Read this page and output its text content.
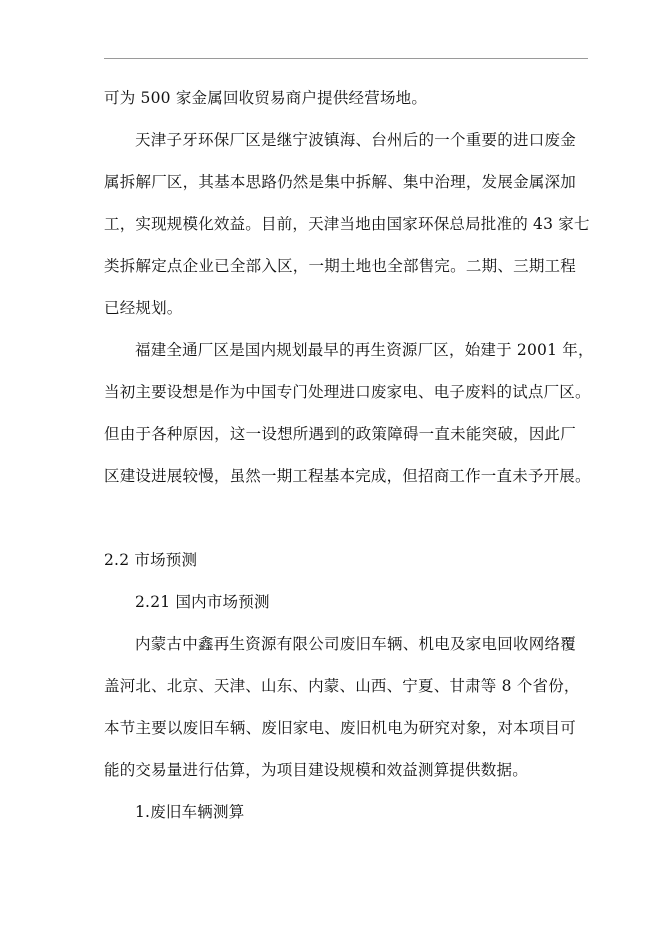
可为 500 家金属回收贸易商户提供经营场地。
天津子牙环保厂区是继宁波镇海、台州后的一个重要的进口废金
属拆解厂区，其基本思路仍然是集中拆解、集中治理，发展金属深加
工，实现规模化效益。目前，天津当地由国家环保总局批准的 43 家七
类拆解定点企业已全部入区，一期土地也全部售完。二期、三期工程
已经规划。
福建全通厂区是国内规划最早的再生资源厂区，始建于 2001 年，
当初主要设想是作为中国专门处理进口废家电、电子废料的试点厂区。
但由于各种原因，这一设想所遇到的政策障碍一直未能突破，因此厂
区建设进展较慢，虽然一期工程基本完成，但招商工作一直未予开展。
2.2 市场预测
2.21 国内市场预测
内蒙古中鑫再生资源有限公司废旧车辆、机电及家电回收网络覆
盖河北、北京、天津、山东、内蒙、山西、宁夏、甘肃等 8 个省份，
本节主要以废旧车辆、废旧家电、废旧机电为研究对象，对本项目可
能的交易量进行估算，为项目建设规模和效益测算提供数据。
1.废旧车辆测算
